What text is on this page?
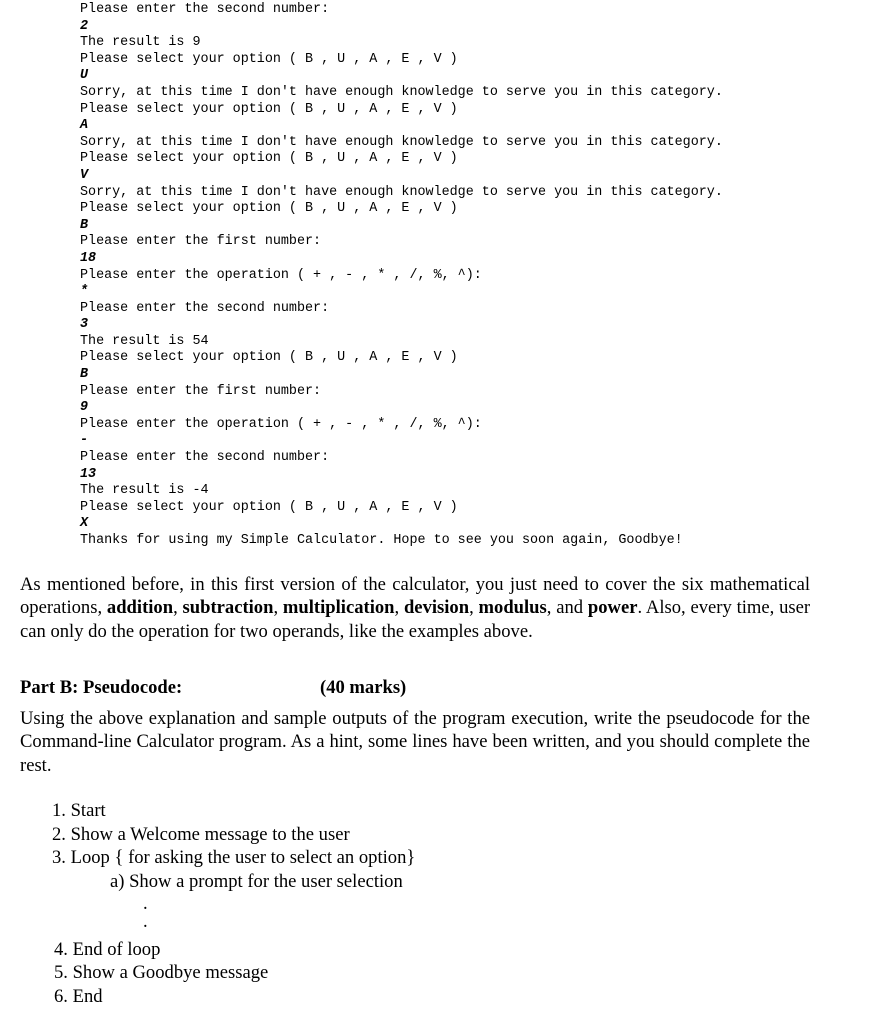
Please enter the second number:
2
The result is 9
Please select your option ( B , U , A , E , V )
U
Sorry, at this time I don't have enough knowledge to serve you in this category.
Please select your option ( B , U , A , E , V )
A
Sorry, at this time I don't have enough knowledge to serve you in this category.
Please select your option ( B , U , A , E , V )
V
Sorry, at this time I don't have enough knowledge to serve you in this category.
Please select your option ( B , U , A , E , V )
B
Please enter the first number:
18
Please enter the operation ( + , - , * , /, %, ^):
*
Please enter the second number:
3
The result is 54
Please select your option ( B , U , A , E , V )
B
Please enter the first number:
9
Please enter the operation ( + , - , * , /, %, ^):
-
Please enter the second number:
13
The result is -4
Please select your option ( B , U , A , E , V )
X
Thanks for using my Simple Calculator. Hope to see you soon again, Goodbye!
As mentioned before, in this first version of the calculator, you just need to cover the six mathematical operations, addition, subtraction, multiplication, devision, modulus, and power. Also, every time, user can only do the operation for two operands, like the examples above.
Part B: Pseudocode:	(40 marks)
Using the above explanation and sample outputs of the program execution, write the pseudocode for the Command-line Calculator program. As a hint, some lines have been written, and you should complete the rest.
1. Start
2. Show a Welcome message to the user
3. Loop { for asking the user to select an option}
a) Show a prompt for the user selection
.
.
4. End of loop
5. Show a Goodbye message
6. End
